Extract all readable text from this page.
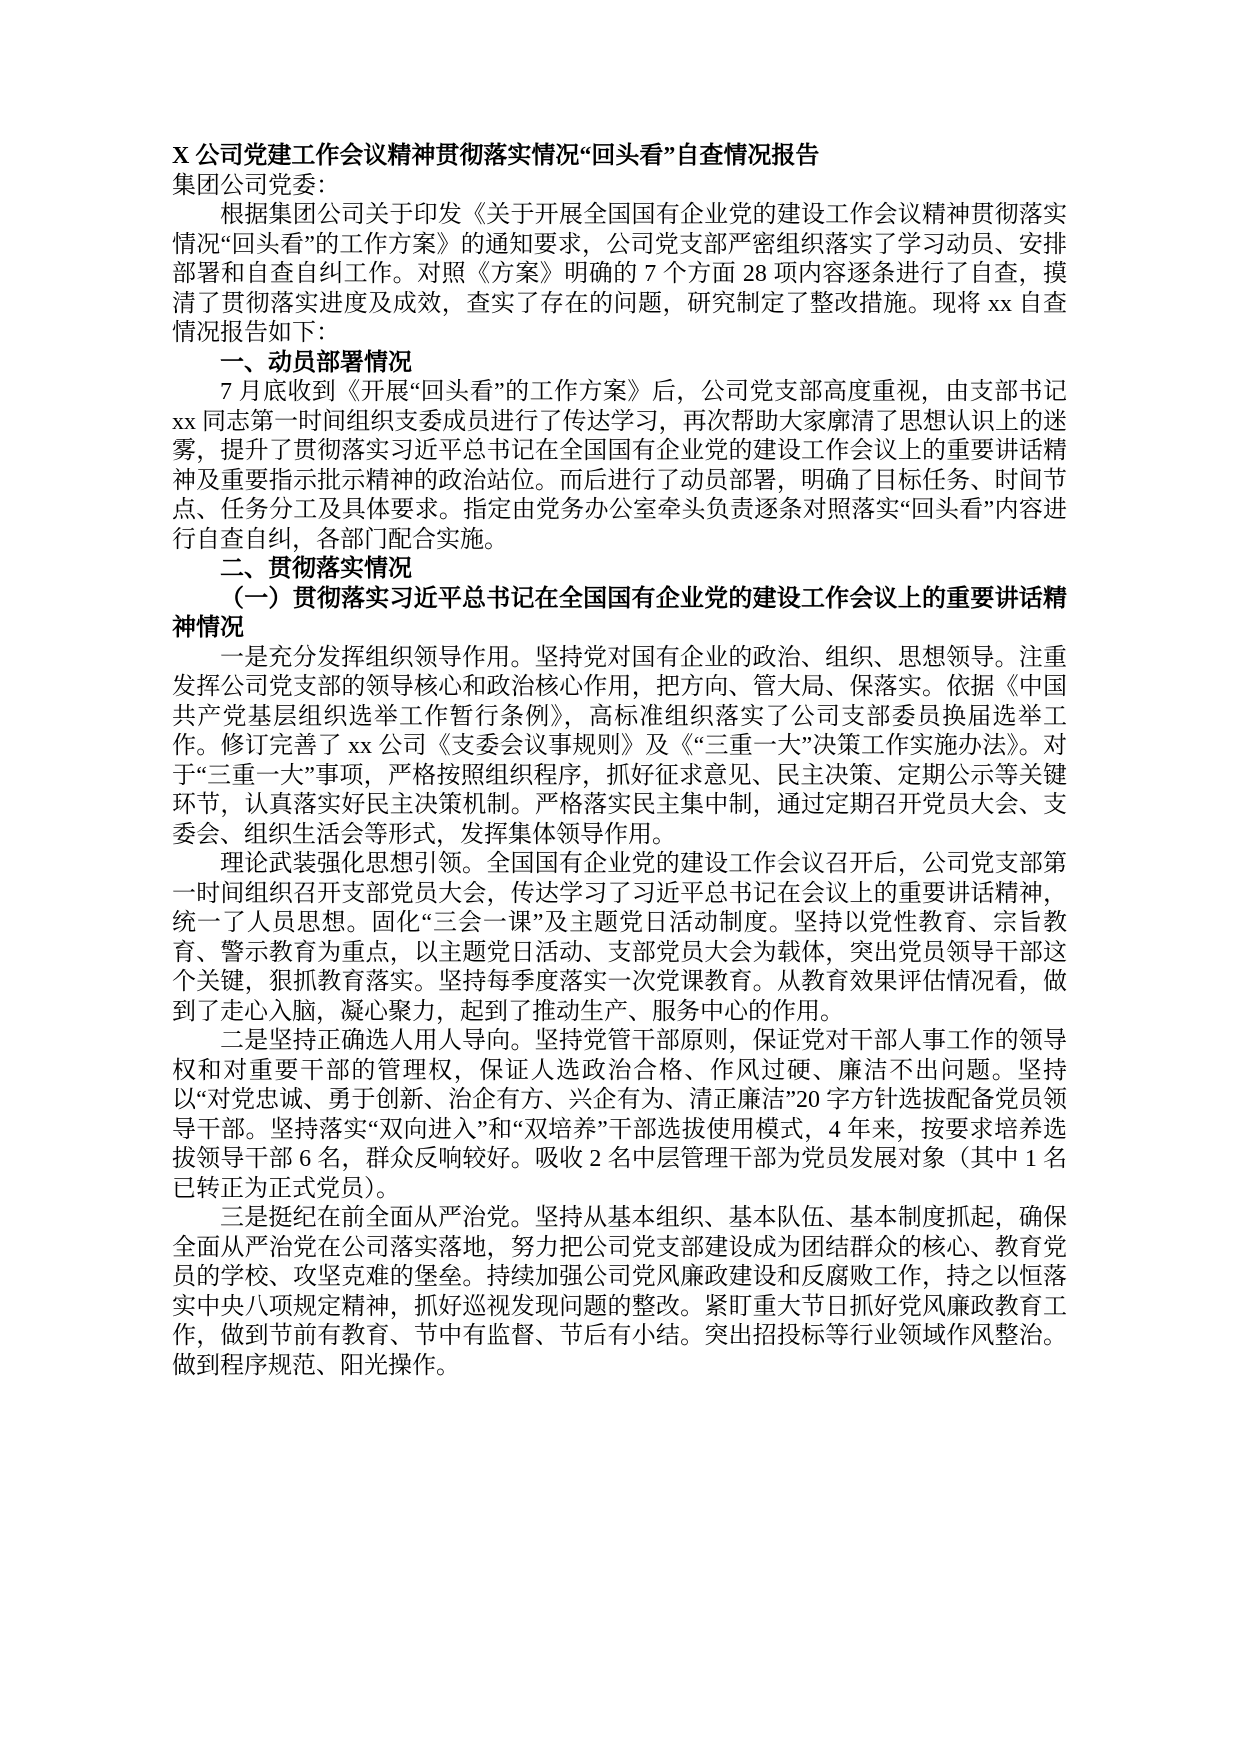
X 公司党建工作会议精神贯彻落实情况“回头看”自查情况报告

集团公司党委：

根据集团公司关于印发《关于开展全国国有企业党的建设工作会议精神贯彻落实情况“回头看”的工作方案》的通知要求，公司党支部严密组织落实了学习动员、安排部署和自查自纠工作。对照《方案》明确的 7 个方面 28 项内容逐条进行了自查，摸清了贯彻落实进度及成效，查实了存在的问题，研究制定了整改措施。现将 xx 自查情况报告如下：

一、动员部署情况

7 月底收到《开展“回头看”的工作方案》后，公司党支部高度重视，由支部书记 xx 同志第一时间组织支委成员进行了传达学习，再次帮助大家廓清了思想认识上的迷雾，提升了贯彻落实习近平总书记在全国国有企业党的建设工作会议上的重要讲话精神及重要指示批示精神的政治站位。而后进行了动员部署，明确了目标任务、时间节点、任务分工及具体要求。指定由党务办公室牵头负责逐条对照落实“回头看”内容进行自查自纠，各部门配合实施。

二、贯彻落实情况

（一）贯彻落实习近平总书记在全国国有企业党的建设工作会议上的重要讲话精神情况

一是充分发挥组织领导作用。坚持党对国有企业的政治、组织、思想领导。注重发挥公司党支部的领导核心和政治核心作用，把方向、管大局、保落实。依据《中国共产党基层组织选举工作暂行条例》，高标准组织落实了公司支部委员换届选举工作。修订完善了 xx 公司《支委会议事规则》及《“三重一大”决策工作实施办法》。对于“三重一大”事项，严格按照组织程序，抓好征求意见、民主决策、定期公示等关键环节，认真落实好民主决策机制。严格落实民主集中制，通过定期召开党员大会、支委会、组织生活会等形式，发挥集体领导作用。

理论武装强化思想引领。全国国有企业党的建设工作会议召开后，公司党支部第一时间组织召开支部党员大会，传达学习了习近平总书记在会议上的重要讲话精神，统一了人员思想。固化“三会一课”及主题党日活动制度。坚持以党性教育、宗旨教育、警示教育为重点，以主题党日活动、支部党员大会为载体，突出党员领导干部这个关键，狠抓教育落实。坚持每季度落实一次党课教育。从教育效果评估情况看，做到了走心入脑，凝心聚力，起到了推动生产、服务中心的作用。

二是坚持正确选人用人导向。坚持党管干部原则，保证党对干部人事工作的领导权和对重要干部的管理权，保证人选政治合格、作风过硬、廉洁不出问题。坚持以“对党忠诚、勇于创新、治企有方、兴企有为、清正廉洁”20 字方针选拔配备党员领导干部。坚持落实“双向进入”和“双培养”干部选拔使用模式，4 年来，按要求培养选拔领导干部 6 名，群众反响较好。吸收 2 名中层管理干部为党员发展对象（其中 1 名已转正为正式党员）。

三是挺纪在前全面从严治党。坚持从基本组织、基本队伍、基本制度抓起，确保全面从严治党在公司落实落地，努力把公司党支部建设成为团结群众的核心、教育党员的学校、攻坚克难的堡垒。持续加强公司党风廉政建设和反腐败工作，持之以恒落实中央八项规定精神，抓好巡视发现问题的整改。紧盯重大节日抓好党风廉政教育工作，做到节前有教育、节中有监督、节后有小结。突出招投标等行业领域作风整治。做到程序规范、阳光操作。
